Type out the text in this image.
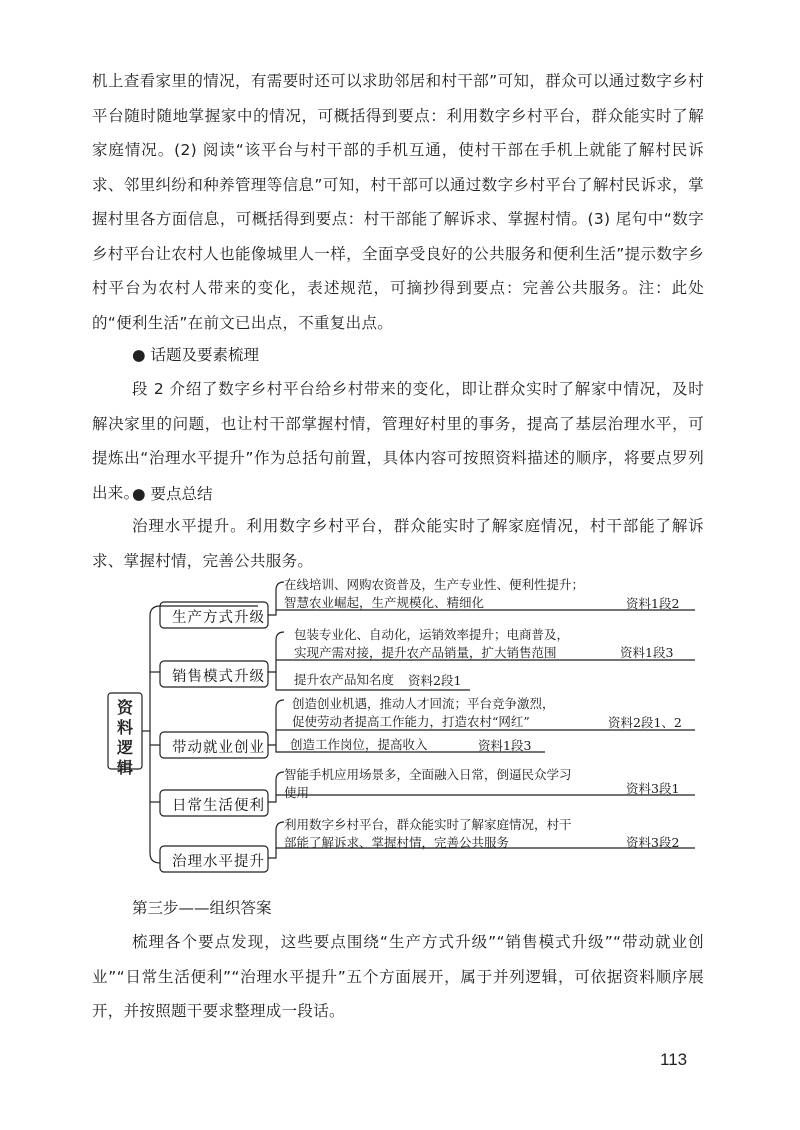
机上查看家里的情况，有需要时还可以求助邻居和村干部”可知，群众可以通过数字乡村平台随时随地掌握家中的情况，可概括得到要点：利用数字乡村平台，群众能实时了解家庭情况。(2) 阅读“该平台与村干部的手机互通，使村干部在手机上就能了解村民诉求、邻里纠纷和种养管理等信息”可知，村干部可以通过数字乡村平台了解村民诉求，掌握村里各方面信息，可概括得到要点：村干部能了解诉求、掌握村情。(3) 尾句中“数字乡村平台让农村人也能像城里人一样，全面享受良好的公共服务和便利生活”提示数字乡村平台为农村人带来的变化，表述规范，可摘抄得到要点：完善公共服务。注：此处的“便利生活”在前文已出点，不重复出点。

● 话题及要素梳理

段 2 介绍了数字乡村平台给乡村带来的变化，即让群众实时了解家中情况，及时解决家里的问题，也让村干部掌握村情，管理好村里的事务，提高了基层治理水平，可提炼出“治理水平提升”作为总括句前置，具体内容可按照资料描述的顺序，将要点罗列出来。

● 要点总结

治理水平提升。利用数字乡村平台，群众能实时了解家庭情况，村干部能了解诉求、掌握村情，完善公共服务。

资料逻辑
生产方式升级
销售模式升级
带动就业创业
日常生活便利
治理水平提升
在线培训、网购农资普及，生产专业性、便利性提升；
智慧农业崛起，生产规模化、精细化	资料1段2
包装专业化、自动化，运销效率提升；电商普及，
实现产需对接，提升农产品销量，扩大销售范围	资料1段3
提升农产品知名度 资料2段1
创造创业机遇，推动人才回流；平台竞争激烈，
促使劳动者提高工作能力，打造农村“网红”	资料2段1、2
创造工作岗位，提高收入	资料1段3
智能手机应用场景多，全面融入日常，倒逼民众学习
使用	资料3段1
利用数字乡村平台，群众能实时了解家庭情况，村干
部能了解诉求、掌握村情，完善公共服务	资料3段2
第三步——组织答案

梳理各个要点发现，这些要点围绕“生产方式升级”“销售模式升级”“带动就业创业”“日常生活便利”“治理水平提升”五个方面展开，属于并列逻辑，可依据资料顺序展开，并按照题干要求整理成一段话。

113
